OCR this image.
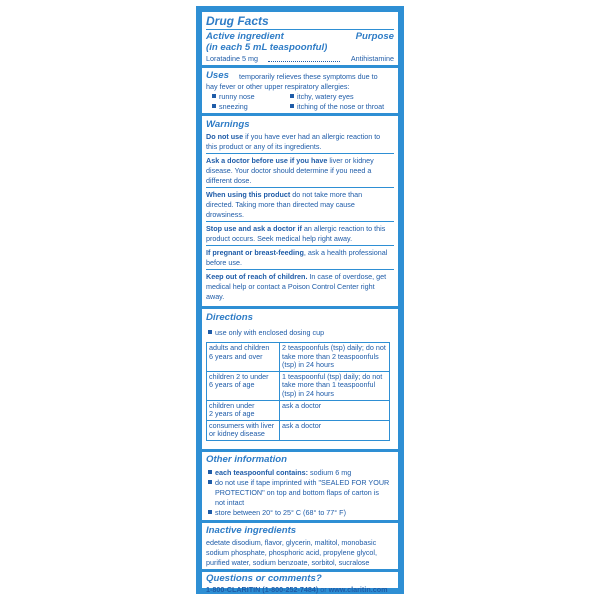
Drug Facts
Active ingredient	Purpose
(in each 5 mL teaspoonful)
Loratadine 5 mg	Antihistamine
Uses temporarily relieves these symptoms due to
hay fever or other upper respiratory allergies:
runny nose	itchy, watery eyes
sneezing	itching of the nose or throat
Warnings
Do not use if you have ever had an allergic reaction to
this product or any of its ingredients.
Ask a doctor before use if you have liver or kidney
disease. Your doctor should determine if you need a
different dose.
When using this product do not take more than
directed. Taking more than directed may cause
drowsiness.
Stop use and ask a doctor if an allergic reaction to this
product occurs. Seek medical help right away.
If pregnant or breast-feeding, ask a health professional
before use.
Keep out of reach of children. In case of overdose, get
medical help or contact a Poison Control Center right
away.
Directions
use only with enclosed dosing cup
adults and children
6 years and over	2 teaspoonfuls (tsp) daily; do not
take more than 2 teaspoonfuls
(tsp) in 24 hours
children 2 to under
6 years of age	1 teaspoonful (tsp) daily; do not
take more than 1 teaspoonful
(tsp) in 24 hours
children under
2 years of age	ask a doctor
consumers with liver
or kidney disease	ask a doctor
Other information
each teaspoonful contains: sodium 6 mg
do not use if tape imprinted with "SEALED FOR YOUR
PROTECTION" on top and bottom flaps of carton is
not intact
store between 20° to 25° C (68° to 77° F)
Inactive ingredients
edetate disodium, flavor, glycerin, maltitol, monobasic
sodium phosphate, phosphoric acid, propylene glycol,
purified water, sodium benzoate, sorbitol, sucralose
Questions or comments?
1-800-CLARITIN (1-800-252-7484) or www.claritin.com
